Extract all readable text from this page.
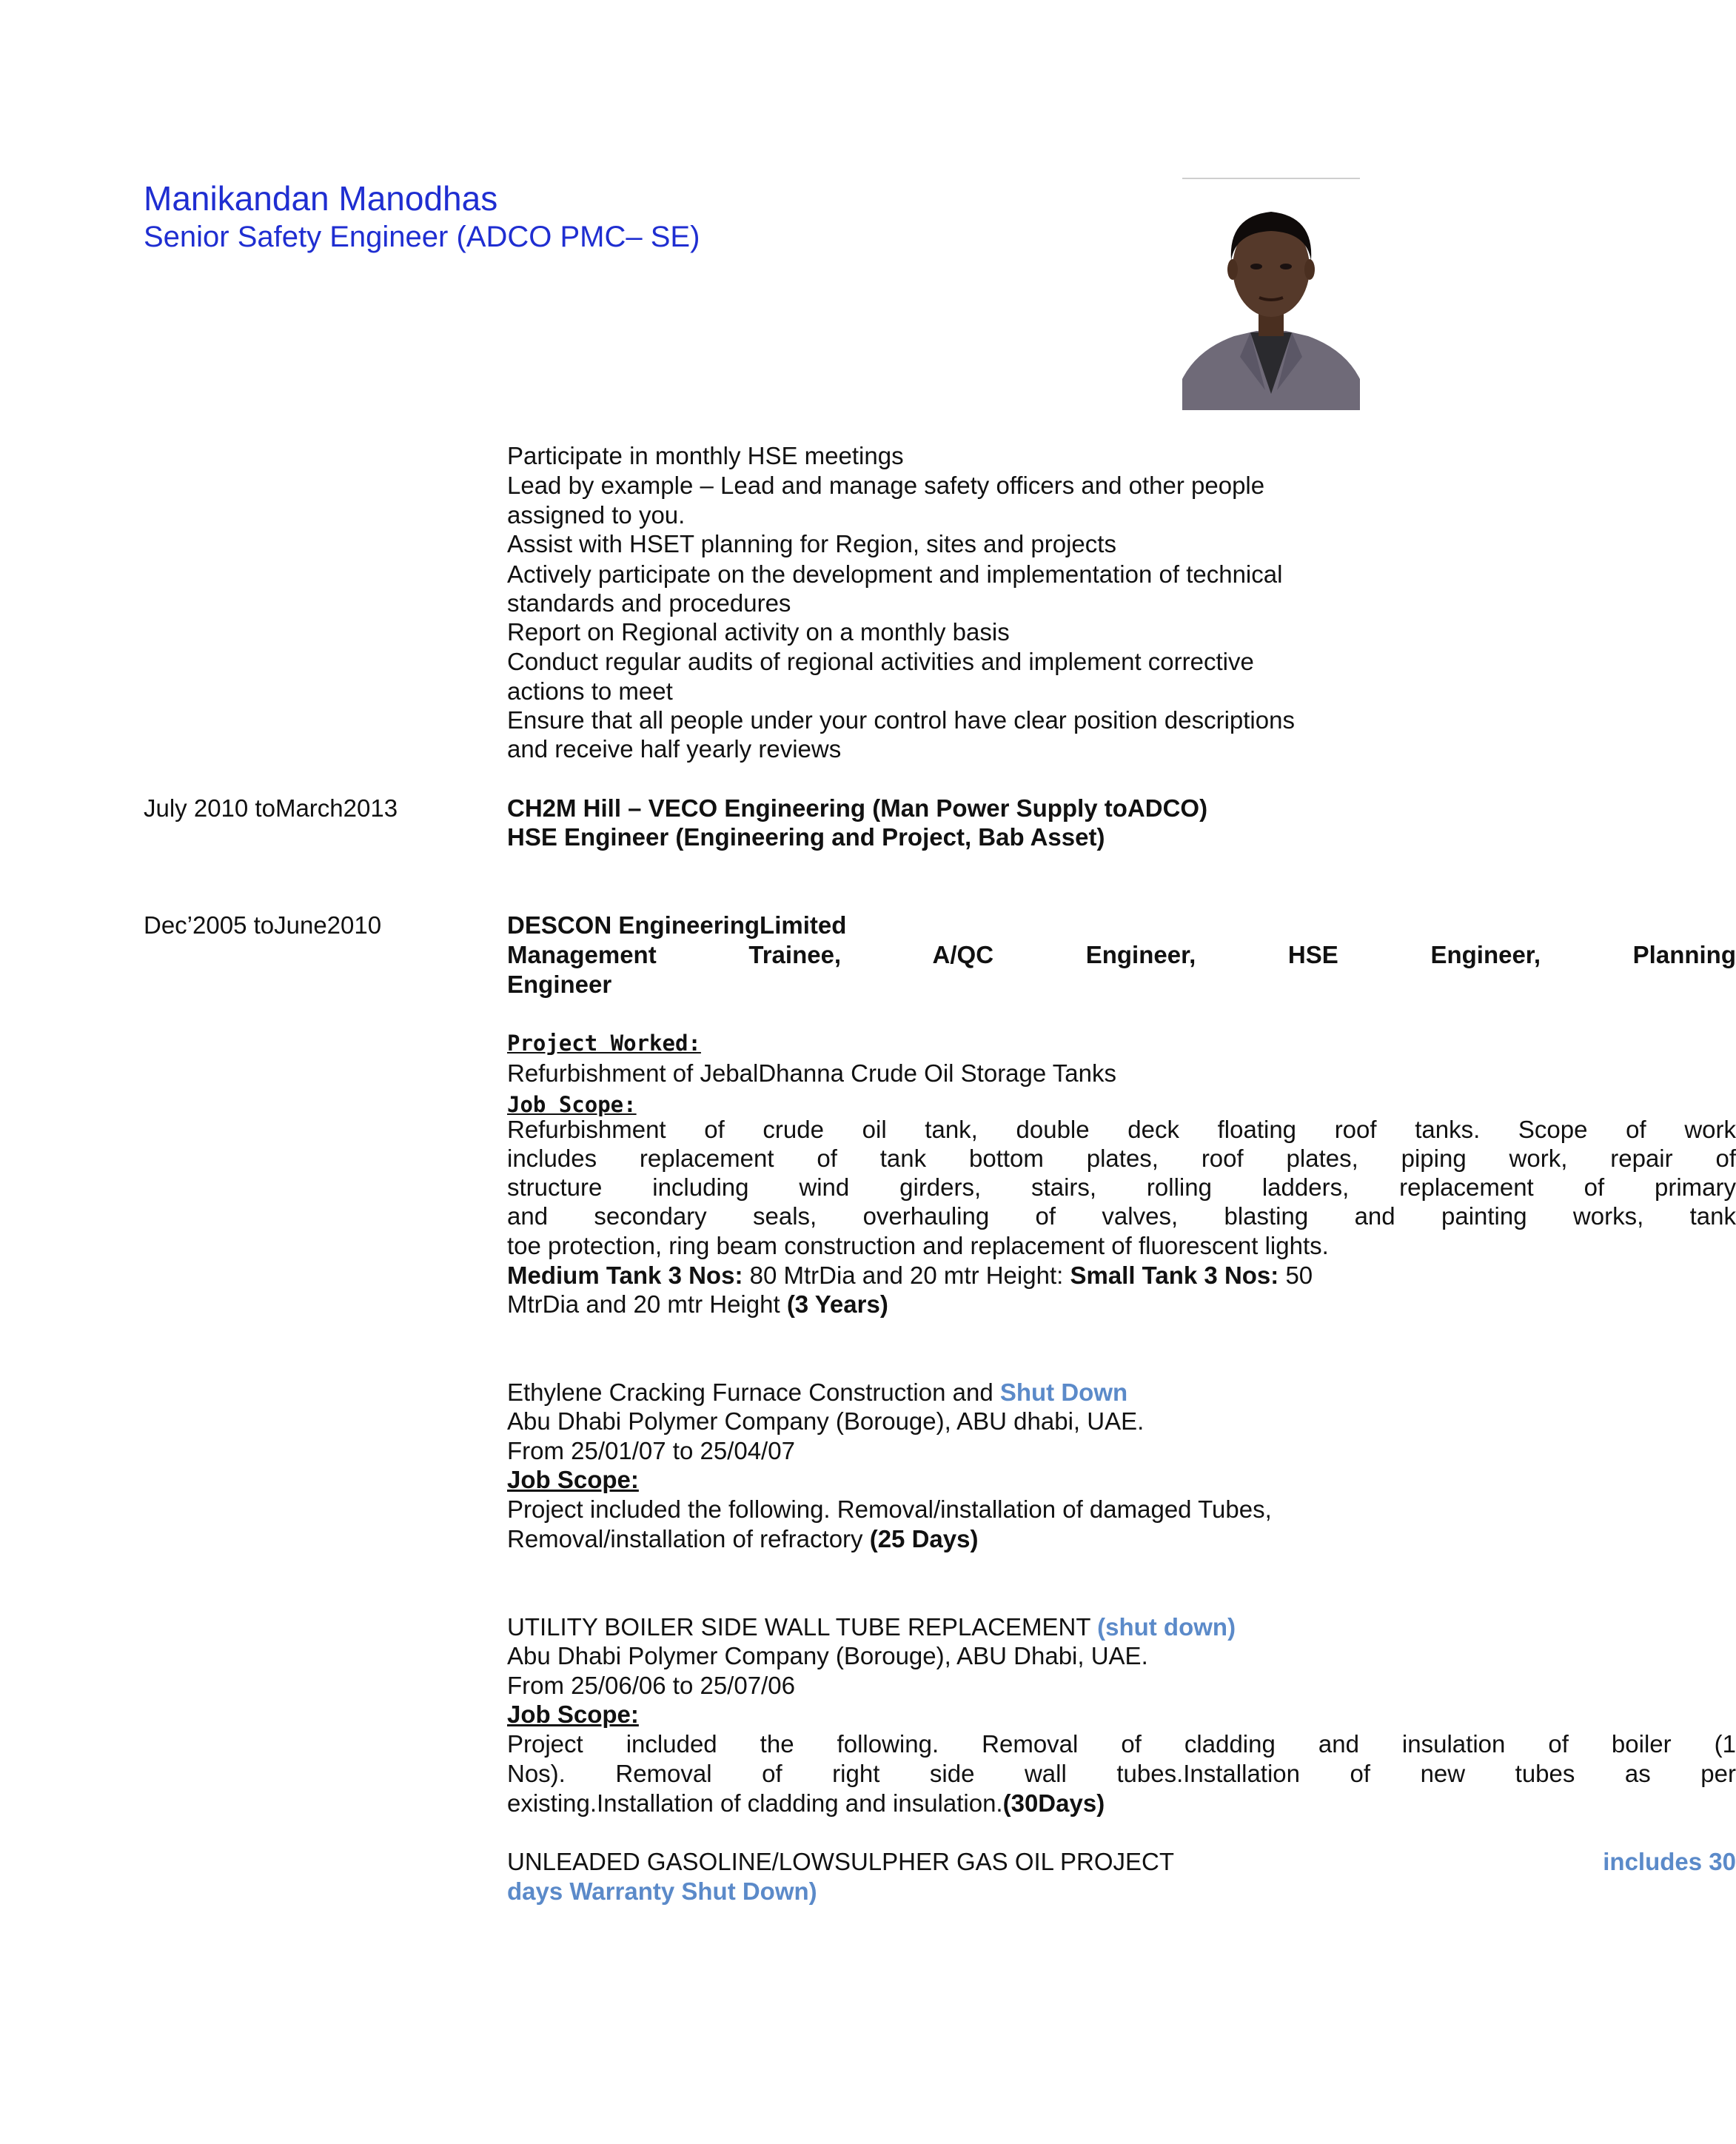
Manikandan Manodhas
Senior Safety Engineer (ADCO PMC– SE)
Participate in monthly HSE meetings
Lead by example – Lead and manage safety officers and other people
assigned to you.
Assist with HSET planning for Region, sites and projects
Actively participate on the development and implementation of technical
standards and procedures
Report on Regional activity on a monthly basis
Conduct regular audits of regional activities and implement corrective
actions to meet
Ensure that all people under your control have clear position descriptions
and receive half yearly reviews
July 2010 toMarch2013	CH2M Hill – VECO Engineering (Man Power Supply toADCO)
HSE Engineer (Engineering and Project, Bab Asset)
Dec’2005 toJune2010	DESCON EngineeringLimited
Management Trainee, A/QC Engineer, HSE Engineer, Planning
Engineer
Project Worked:
Refurbishment of JebalDhanna Crude Oil Storage Tanks
Job Scope:
Refurbishment of crude oil tank, double deck floating roof tanks. Scope of work
includes replacement of tank bottom plates, roof plates, piping work, repair of
structure including wind girders, stairs, rolling ladders, replacement of primary
and secondary seals, overhauling of valves, blasting and painting works, tank
toe protection, ring beam construction and replacement of fluorescent lights.
Medium Tank 3 Nos: 80 MtrDia and 20 mtr Height: Small Tank 3 Nos: 50
MtrDia and 20 mtr Height (3 Years)
Ethylene Cracking Furnace Construction and Shut Down
Abu Dhabi Polymer Company (Borouge), ABU dhabi, UAE.
From 25/01/07 to 25/04/07
Job Scope:
Project included the following. Removal/installation of damaged Tubes,
Removal/installation of refractory (25 Days)
UTILITY BOILER SIDE WALL TUBE REPLACEMENT (shut down)
Abu Dhabi Polymer Company (Borouge), ABU Dhabi, UAE.
From 25/06/06 to 25/07/06
Job Scope:
Project included the following. Removal of cladding and insulation of boiler (1
Nos). Removal of right side wall tubes.Installation of new tubes as per
existing.Installation of cladding and insulation.(30Days)
UNLEADED GASOLINE/LOWSULPHER GAS OIL PROJECT	includes 30
days Warranty Shut Down)
